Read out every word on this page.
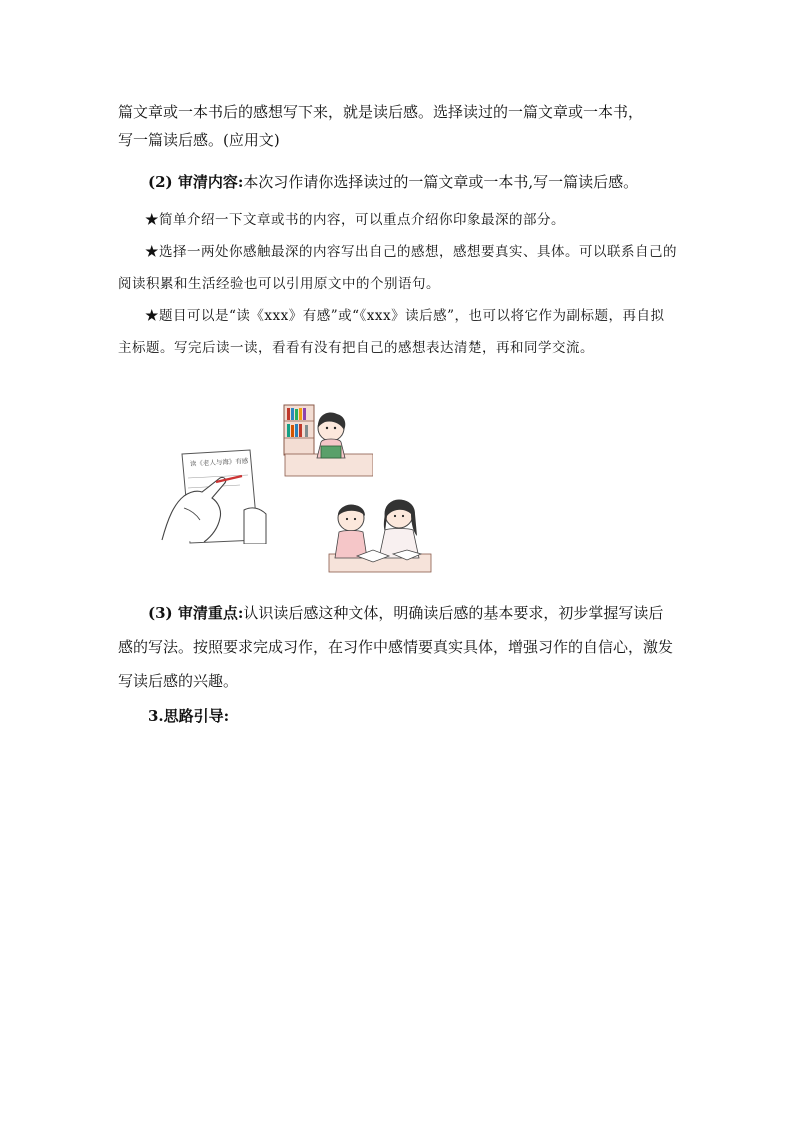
篇文章或一本书后的感想写下来，就是读后感。选择读过的一篇文章或一本书，
写一篇读后感。(应用文)
(2) 审清内容:本次习作请你选择读过的一篇文章或一本书,写一篇读后感。
★简单介绍一下文章或书的内容，可以重点介绍你印象最深的部分。
★选择一两处你感触最深的内容写出自己的感想，感想要真实、具体。可以联系自己的阅读积累和生活经验也可以引用原文中的个别语句。
★题目可以是“读《xxx》有感”或“《xxx》读后感”，也可以将它作为副标题，再自拟主标题。写完后读一读，看看有没有把自己的感想表达清楚，再和同学交流。
读《老人与海》有感
(3) 审清重点:认识读后感这种文体，明确读后感的基本要求，初步掌握写读后感的写法。按照要求完成习作，在习作中感情要真实具体，增强习作的自信心，激发写读后感的兴趣。
3.思路引导:
